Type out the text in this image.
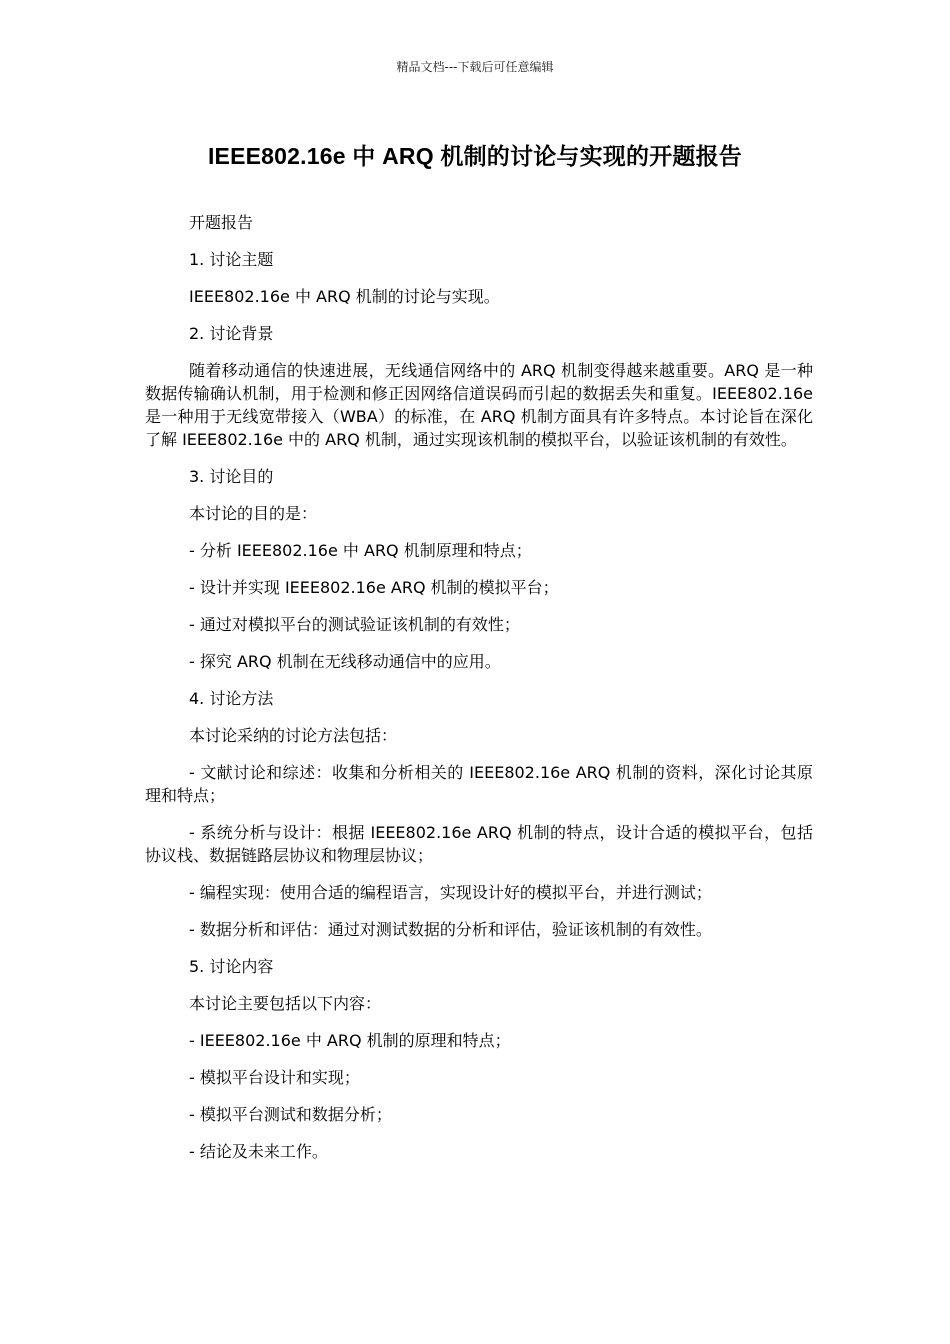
精品文档---下载后可任意编辑
IEEE802.16e 中 ARQ 机制的讨论与实现的开题报告

开题报告

1. 讨论主题

IEEE802.16e 中 ARQ 机制的讨论与实现。

2. 讨论背景

随着移动通信的快速进展，无线通信网络中的 ARQ 机制变得越来越重要。ARQ 是一种数据传输确认机制，用于检测和修正因网络信道误码而引起的数据丢失和重复。IEEE802.16e 是一种用于无线宽带接入（WBA）的标准，在 ARQ 机制方面具有许多特点。本讨论旨在深化了解 IEEE802.16e 中的 ARQ 机制，通过实现该机制的模拟平台，以验证该机制的有效性。

3. 讨论目的

本讨论的目的是：

- 分析 IEEE802.16e 中 ARQ 机制原理和特点；

- 设计并实现 IEEE802.16e ARQ 机制的模拟平台；

- 通过对模拟平台的测试验证该机制的有效性；

- 探究 ARQ 机制在无线移动通信中的应用。

4. 讨论方法

本讨论采纳的讨论方法包括：

- 文献讨论和综述：收集和分析相关的 IEEE802.16e ARQ 机制的资料，深化讨论其原理和特点；

- 系统分析与设计：根据 IEEE802.16e ARQ 机制的特点，设计合适的模拟平台，包括协议栈、数据链路层协议和物理层协议；

- 编程实现：使用合适的编程语言，实现设计好的模拟平台，并进行测试；

- 数据分析和评估：通过对测试数据的分析和评估，验证该机制的有效性。

5. 讨论内容

本讨论主要包括以下内容：

- IEEE802.16e 中 ARQ 机制的原理和特点；

- 模拟平台设计和实现；

- 模拟平台测试和数据分析；

- 结论及未来工作。
